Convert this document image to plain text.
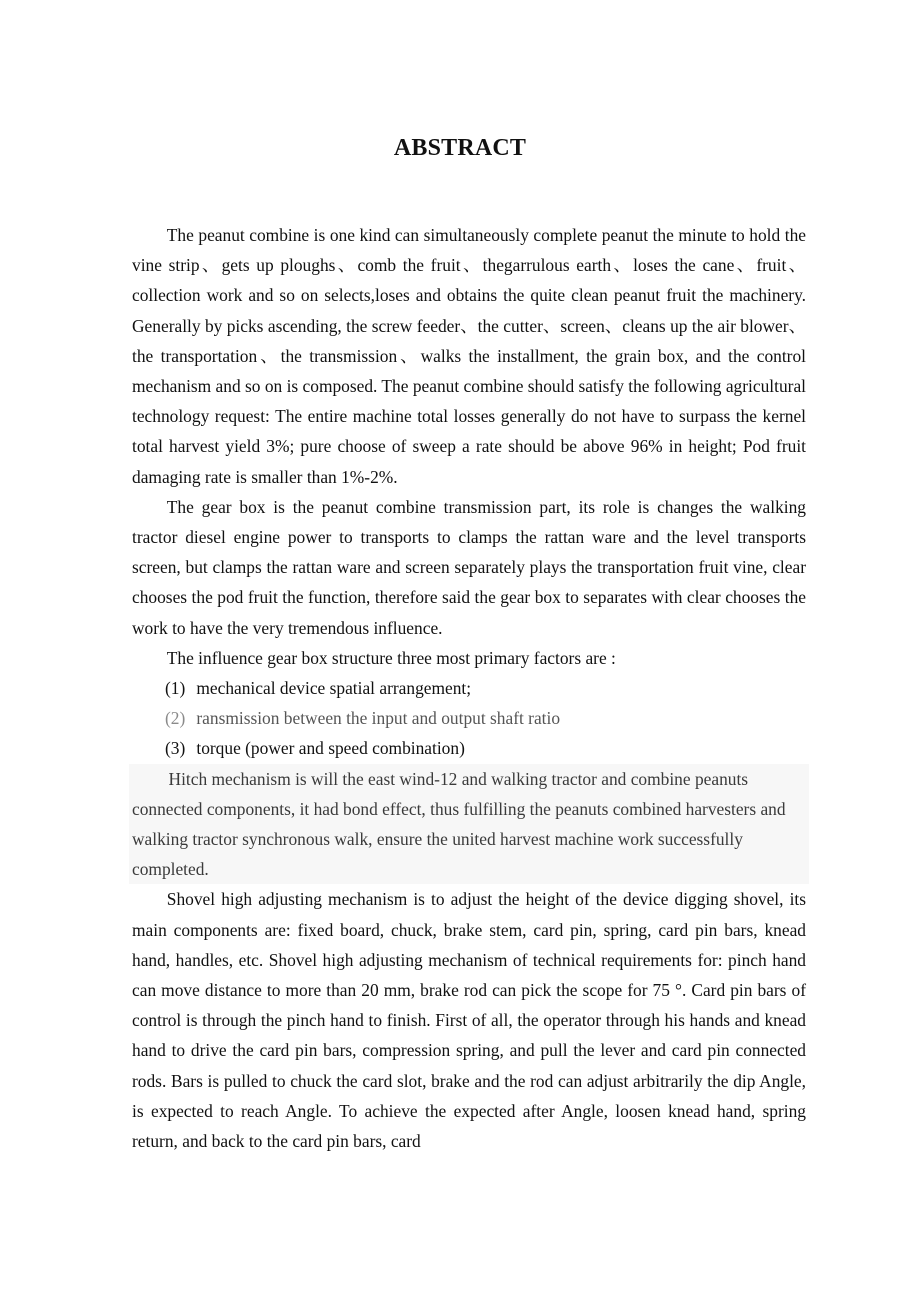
ABSTRACT

The peanut combine is one kind can simultaneously complete peanut the minute to hold the vine strip、gets up ploughs、comb the fruit、thegarrulous earth、loses the cane、fruit、collection work and so on selects,loses and obtains the quite clean peanut fruit the machinery. Generally by picks ascending, the screw feeder、the cutter、screen、cleans up the air blower、the transportation、the transmission、walks the installment, the grain box, and the control mechanism and so on is composed. The peanut combine should satisfy the following agricultural technology request: The entire machine total losses generally do not have to surpass the kernel total harvest yield 3%; pure choose of sweep a rate should be above 96% in height; Pod fruit damaging rate is smaller than 1%-2%.

The gear box is the peanut combine transmission part, its role is changes the walking tractor diesel engine power to transports to clamps the rattan ware and the level transports screen, but clamps the rattan ware and screen separately plays the transportation fruit vine, clear chooses the pod fruit the function, therefore said the gear box to separates with clear chooses the work to have the very tremendous influence.

The influence gear box structure three most primary factors are :

(1) mechanical device spatial arrangement;

(2) ransmission between the input and output shaft ratio

(3) torque (power and speed combination)

Hitch mechanism is will the east wind-12 and walking tractor and combine peanuts connected components, it had bond effect, thus fulfilling the peanuts combined harvesters and walking tractor synchronous walk, ensure the united harvest machine work successfully completed.

Shovel high adjusting mechanism is to adjust the height of the device digging shovel, its main components are: fixed board, chuck, brake stem, card pin, spring, card pin bars, knead hand, handles, etc. Shovel high adjusting mechanism of technical requirements for: pinch hand can move distance to more than 20 mm, brake rod can pick the scope for 75 °. Card pin bars of control is through the pinch hand to finish. First of all, the operator through his hands and knead hand to drive the card pin bars, compression spring, and pull the lever and card pin connected rods. Bars is pulled to chuck the card slot, brake and the rod can adjust arbitrarily the dip Angle, is expected to reach Angle. To achieve the expected after Angle, loosen knead hand, spring return, and back to the card pin bars, card
